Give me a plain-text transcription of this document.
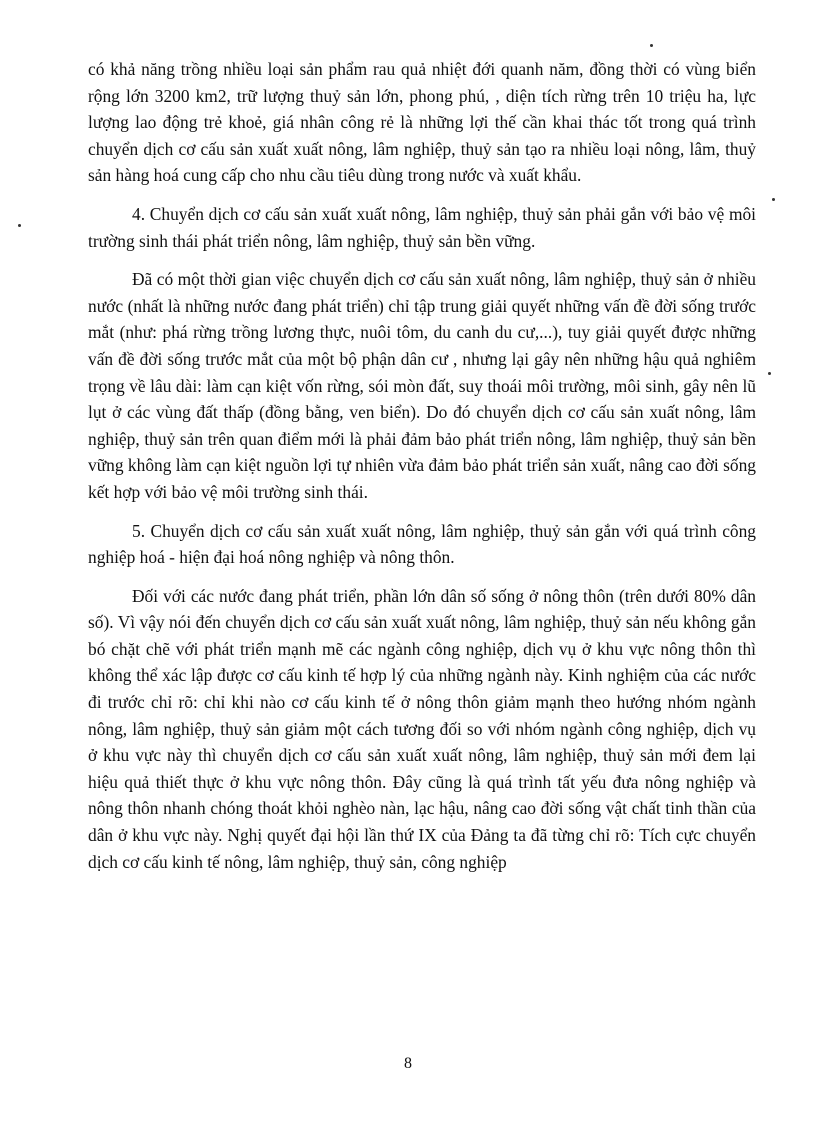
có khả năng trồng nhiều loại sản phẩm rau quả nhiệt đới quanh năm, đồng thời có vùng biển rộng lớn 3200 km2, trữ lượng thuỷ sản lớn, phong phú, , diện tích rừng trên 10 triệu ha, lực lượng lao động trẻ khoẻ, giá nhân công rẻ là những lợi thế cần khai thác tốt trong quá trình chuyển dịch cơ cấu sản xuất xuất nông, lâm nghiệp, thuỷ sản tạo ra nhiều loại nông, lâm, thuỷ sản hàng hoá cung cấp cho nhu cầu tiêu dùng trong nước và xuất khẩu.

4. Chuyển dịch cơ cấu sản xuất xuất nông, lâm nghiệp, thuỷ sản phải gắn với bảo vệ môi trường sinh thái phát triển nông, lâm nghiệp, thuỷ sản bền vững.

Đã có một thời gian việc chuyển dịch cơ cấu sản xuất nông, lâm nghiệp, thuỷ sản ở nhiều nước (nhất là những nước đang phát triển) chỉ tập trung giải quyết những vấn đề đời sống trước mắt (như: phá rừng trồng lương thực, nuôi tôm, du canh du cư,...), tuy giải quyết được những vấn đề đời sống trước mắt của một bộ phận dân cư , nhưng lại gây nên những hậu quả nghiêm trọng về lâu dài: làm cạn kiệt vốn rừng, sói mòn đất, suy thoái môi trường, môi sinh, gây nên lũ lụt ở các vùng đất thấp (đồng bằng, ven biển). Do đó chuyển dịch cơ cấu sản xuất nông, lâm nghiệp, thuỷ sản trên quan điểm mới là phải đảm bảo phát triển nông, lâm nghiệp, thuỷ sản bền vững không làm cạn kiệt nguồn lợi tự nhiên vừa đảm bảo phát triển sản xuất, nâng cao đời sống kết hợp với bảo vệ môi trường sinh thái.

5. Chuyển dịch cơ cấu sản xuất xuất nông, lâm nghiệp, thuỷ sản gắn với quá trình công nghiệp hoá - hiện đại hoá nông nghiệp và nông thôn.

Đối với các nước đang phát triển, phần lớn dân số sống ở nông thôn (trên dưới 80% dân số). Vì vậy nói đến chuyển dịch cơ cấu sản xuất xuất nông, lâm nghiệp, thuỷ sản nếu không gắn bó chặt chẽ với phát triển mạnh mẽ các ngành công nghiệp, dịch vụ ở khu vực nông thôn thì không thể xác lập được cơ cấu kinh tế hợp lý của những ngành này. Kinh nghiệm của các nước đi trước chỉ rõ: chỉ khi nào cơ cấu kinh tế ở nông thôn giảm mạnh theo hướng nhóm ngành nông, lâm nghiệp, thuỷ sản giảm một cách tương đối so với nhóm ngành công nghiệp, dịch vụ ở khu vực này thì chuyển dịch cơ cấu sản xuất xuất nông, lâm nghiệp, thuỷ sản mới đem lại hiệu quả thiết thực ở khu vực nông thôn. Đây cũng là quá trình tất yếu đưa nông nghiệp và nông thôn nhanh chóng thoát khỏi nghèo nàn, lạc hậu, nâng cao đời sống vật chất tinh thần của dân ở khu vực này. Nghị quyết đại hội lần thứ IX của Đảng ta đã từng chỉ rõ: Tích cực chuyển dịch cơ cấu kinh tế nông, lâm nghiệp, thuỷ sản, công nghiệp

8
